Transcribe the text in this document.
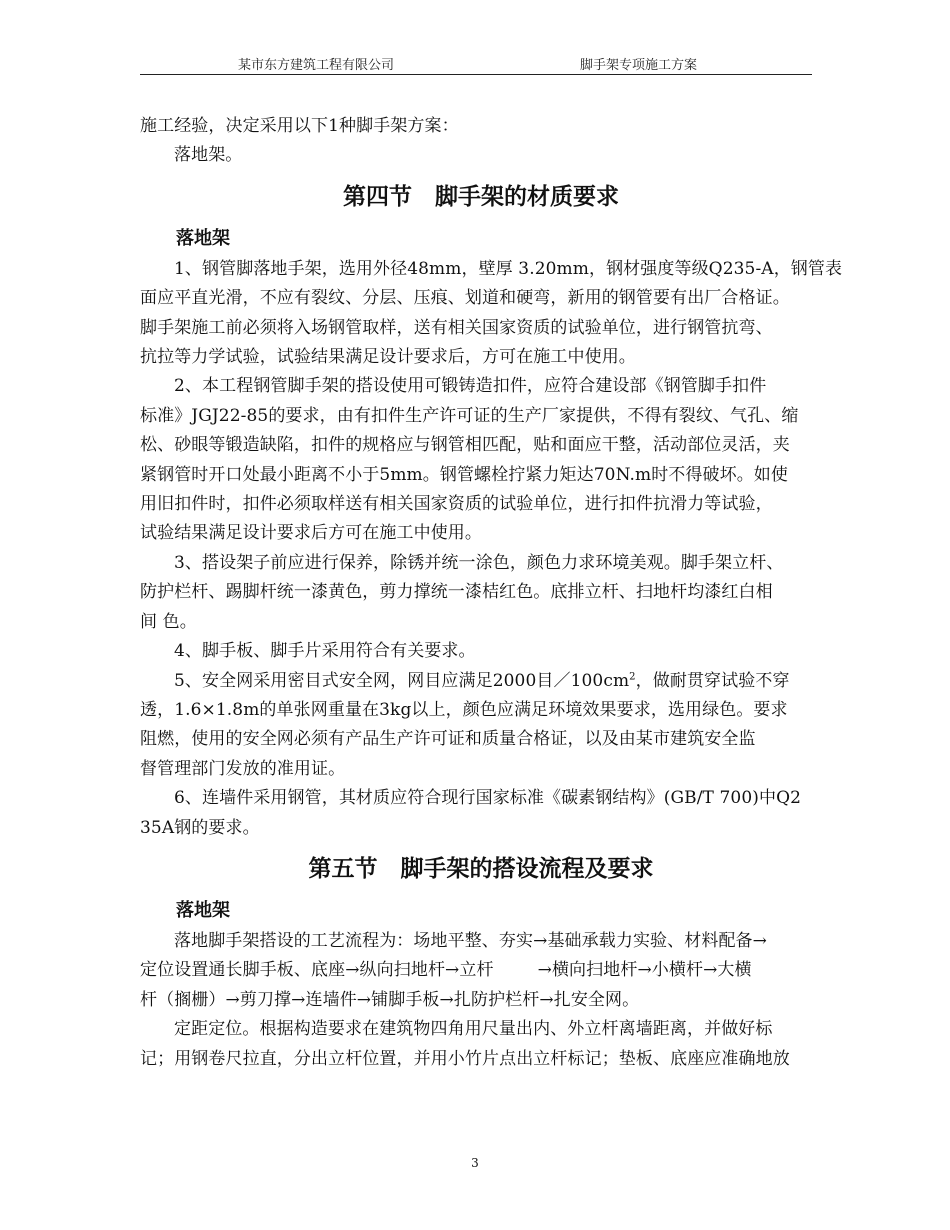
某市东方建筑工程有限公司	脚手架专项施工方案

施工经验，决定采用以下1种脚手架方案：

落地架。

第四节　脚手架的材质要求

落地架

1、钢管脚落地手架，选用外径48mm，壁厚 3.20mm，钢材强度等级Q235-A，钢管表

面应平直光滑，不应有裂纹、分层、压痕、划道和硬弯，新用的钢管要有出厂合格证。

脚手架施工前必须将入场钢管取样，送有相关国家资质的试验单位，进行钢管抗弯、

抗拉等力学试验，试验结果满足设计要求后，方可在施工中使用。

2、本工程钢管脚手架的搭设使用可锻铸造扣件，应符合建设部《钢管脚手扣件

标准》JGJ22-85的要求，由有扣件生产许可证的生产厂家提供，不得有裂纹、气孔、缩

松、砂眼等锻造缺陷，扣件的规格应与钢管相匹配，贴和面应干整，活动部位灵活，夹

紧钢管时开口处最小距离不小于5mm。钢管螺栓拧紧力矩达70N.m时不得破坏。如使

用旧扣件时，扣件必须取样送有相关国家资质的试验单位，进行扣件抗滑力等试验，

试验结果满足设计要求后方可在施工中使用。

3、搭设架子前应进行保养，除锈并统一涂色，颜色力求环境美观。脚手架立杆、

防护栏杆、踢脚杆统一漆黄色，剪力撑统一漆桔红色。底排立杆、扫地杆均漆红白相

间 色。

4、脚手板、脚手片采用符合有关要求。

5、安全网采用密目式安全网，网目应满足2000目$/100cm^2$，做耐贯穿试验不穿

透，1.6×1.8m的单张网重量在3kg以上，颜色应满足环境效果要求，选用绿色。要求

阻燃，使用的安全网必须有产品生产许可证和质量合格证，以及由某市建筑安全监

督管理部门发放的准用证。

6、连墙件采用钢管，其材质应符合现行国家标准《碳素钢结构》(GB/T 700)中Q2

35A钢的要求。

第五节　脚手架的搭设流程及要求

落地架

落地脚手架搭设的工艺流程为：场地平整、夯实→基础承载力实验、材料配备→

定位设置通长脚手板、底座→纵向扫地杆→立杆	→横向扫地杆→小横杆→大横

杆（搁栅）→剪刀撑→连墙件→铺脚手板→扎防护栏杆→扎安全网。

定距定位。根据构造要求在建筑物四角用尺量出内、外立杆离墙距离，并做好标

记；用钢卷尺拉直，分出立杆位置，并用小竹片点出立杆标记；垫板、底座应准确地放

3
